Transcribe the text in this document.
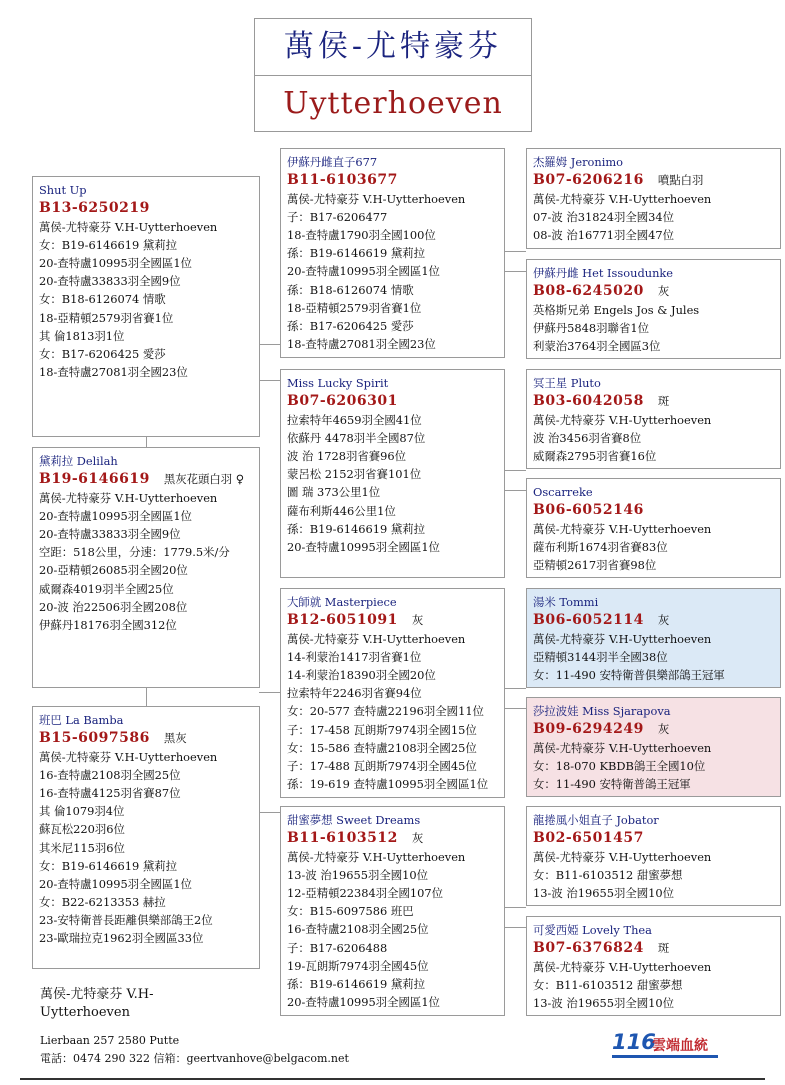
萬侯-尤特豪芬
Uytterhoeven
Shut Up
B13-6250219
萬侯-尤特豪芬 V.H-Uytterhoeven
女：B19-6146619 黛莉拉
20-查特盧10995羽全國區1位
20-查特盧33833羽全國9位
女：B18-6126074 情歌
18-亞精頓2579羽省賽1位
其 倫1813羽1位
女：B17-6206425 愛莎
18-查特盧27081羽全國23位
黛莉拉 Delilah
B19-6146619 黑灰花頭白羽 ♀
萬侯-尤特豪芬 V.H-Uytterhoeven
20-查特盧10995羽全國區1位
20-查特盧33833羽全國9位
空距：518公里，分速：1779.5米/分
20-亞精頓26085羽全國20位
威爾森4019羽半全國25位
20-波 治22506羽全國208位
伊蘇丹18176羽全國312位
班巴 La Bamba
B15-6097586 黑灰
萬侯-尤特豪芬 V.H-Uytterhoeven
16-查特盧2108羽全國25位
16-查特盧4125羽省賽87位
其 倫1079羽4位
蘇瓦松220羽6位
其米尼115羽6位
女：B19-6146619 黛莉拉
20-查特盧10995羽全國區1位
女：B22-6213353 赫拉
23-安特衛普長距離俱樂部鴿王2位
23-歐瑞拉克1962羽全國區33位
伊蘇丹雌直子677
B11-6103677
萬侯-尤特豪芬 V.H-Uytterhoeven
子：B17-6206477
18-查特盧1790羽全國100位
孫：B19-6146619 黛莉拉
20-查特盧10995羽全國區1位
孫：B18-6126074 情歌
18-亞精頓2579羽省賽1位
孫：B17-6206425 愛莎
18-查特盧27081羽全國23位
Miss Lucky Spirit
B07-6206301
拉索特年4659羽全國41位
依蘇丹 4478羽半全國87位
波 治 1728羽省賽96位
蒙呂松 2152羽省賽101位
圖 瑞 373公里1位
薩布利斯446公里1位
孫：B19-6146619 黛莉拉
20-查特盧10995羽全國區1位
大師就 Masterpiece
B12-6051091 灰
萬侯-尤特豪芬 V.H-Uytterhoeven
14-利蒙治1417羽省賽1位
14-利蒙治18390羽全國20位
拉索特年2246羽省賽94位
女：20-577 查特盧22196羽全國11位
子：17-458 瓦朗斯7974羽全國15位
女：15-586 查特盧2108羽全國25位
子：17-488 瓦朗斯7974羽全國45位
孫：19-619 查特盧10995羽全國區1位
甜蜜夢想 Sweet Dreams
B11-6103512 灰
萬侯-尤特豪芬 V.H-Uytterhoeven
13-波 治19655羽全國10位
12-亞精頓22384羽全國107位
女：B15-6097586 班巴
16-查特盧2108羽全國25位
子：B17-6206488
19-瓦朗斯7974羽全國45位
孫：B19-6146619 黛莉拉
20-查特盧10995羽全國區1位
杰羅姆 Jeronimo
B07-6206216 噴點白羽
萬侯-尤特豪芬 V.H-Uytterhoeven
07-波 治31824羽全國34位
08-波 治16771羽全國47位
伊蘇丹雌 Het Issoudunke
B08-6245020 灰
英格斯兄弟 Engels Jos & Jules
伊蘇丹5848羽聯省1位
利蒙治3764羽全國區3位
冥王星 Pluto
B03-6042058 斑
萬侯-尤特豪芬 V.H-Uytterhoeven
波 治3456羽省賽8位
威爾森2795羽省賽16位
Oscarreke
B06-6052146
萬侯-尤特豪芬 V.H-Uytterhoeven
薩布利斯1674羽省賽83位
亞精頓2617羽省賽98位
湯米 Tommi
B06-6052114 灰
萬侯-尤特豪芬 V.H-Uytterhoeven
亞精頓3144羽半全國38位
女：11-490 安特衛普俱樂部鴿王冠軍
莎拉波娃 Miss Sjarapova
B09-6294249 灰
萬侯-尤特豪芬 V.H-Uytterhoeven
女：18-070 KBDB鴿王全國10位
女：11-490 安特衛普鴿王冠軍
龍捲風小姐直子 Jobator
B02-6501457
萬侯-尤特豪芬 V.H-Uytterhoeven
女：B11-6103512 甜蜜夢想
13-波 治19655羽全國10位
可愛西婭 Lovely Thea
B07-6376824 斑
萬侯-尤特豪芬 V.H-Uytterhoeven
女：B11-6103512 甜蜜夢想
13-波 治19655羽全國10位
萬侯-尤特豪芬 V.H-Uytterhoeven
Lierbaan 257 2580 Putte
電話：0474 290 322 信箱：geertvanhove@belgacom.net
116
雲端血統
